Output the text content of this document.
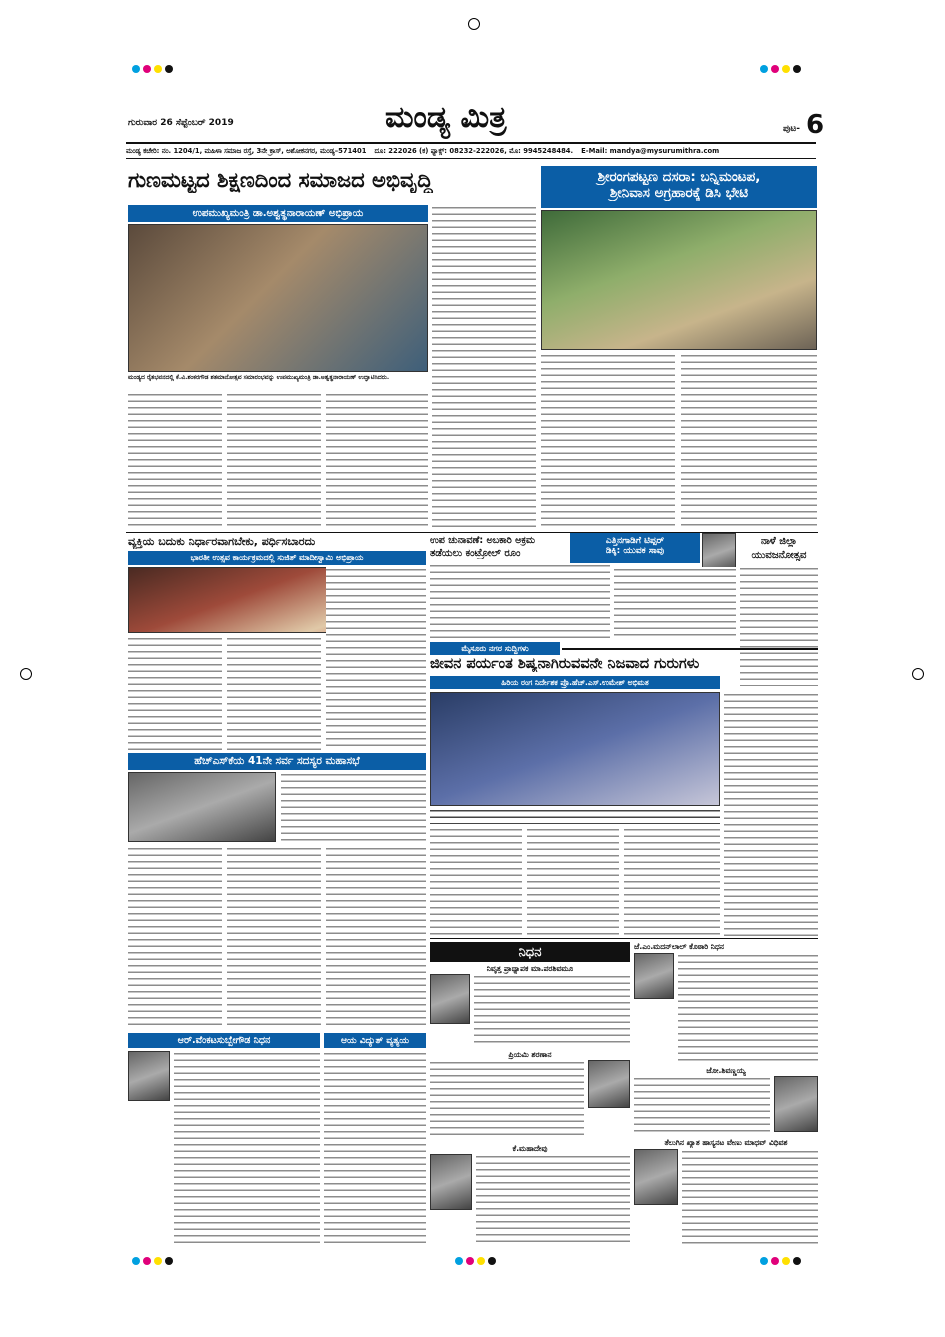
ಗುರುವಾರ 26 ಸೆಪ್ಟೆಂಬರ್ 2019	ಮಂಡ್ಯ ಮಿತ್ರ	ಪುಟ- 6
ಮಂಡ್ಯ ಕಚೇರಿ: ನಂ. 1204/1, ಮಹಿಳಾ ಸಮಾಜ ರಸ್ತೆ, 3ನೇ ಕ್ರಾಸ್, ಅಶೋಕನಗರ, ಮಂಡ್ಯ–571401 ದೂ: 222026 (ಕ) ಫ್ಯಾಕ್ಸ್: 08232-222026, ಮೊ: 9945248484. E-Mail: mandya@mysurumithra.com
ಗುಣಮಟ್ಟದ ಶಿಕ್ಷಣದಿಂದ ಸಮಾಜದ ಅಭಿವೃದ್ಧಿ
ಉಪಮುಖ್ಯಮಂತ್ರಿ ಡಾ.ಅಶ್ವತ್ಥನಾರಾಯಣ್ ಅಭಿಪ್ರಾಯ
ಮಂಡ್ಯದ ರೈತಭವನದಲ್ಲಿ ಕೆ.ವಿ.ಶಂಕರಗೌಡ ಶತಮಾನೋತ್ಸವ ಸಮಾರಂಭವನ್ನು ಉಪಮುಖ್ಯಮಂತ್ರಿ ಡಾ.ಅಶ್ವತ್ಥನಾರಾಯಣ್ ಉದ್ಘಾಟಿಸಿದರು.
ಶ್ರೀರಂಗಪಟ್ಟಣ ದಸರಾ: ಬನ್ನಿಮಂಟಪ,
ಶ್ರೀನಿವಾಸ ಅಗ್ರಹಾರಕ್ಕೆ ಡಿಸಿ ಭೇಟಿ
ವ್ಯಕ್ತಿಯ ಬದುಕು ನಿರ್ಧಾರವಾಗಬೇಕು, ಪರ್ಧಿಸಬಾರದು
ಭಾರತೀ ಉತ್ಸವ ಕಾರ್ಯಕ್ರಮದಲ್ಲಿ ಸುಜಿತ್ ಮಾದೀಸ್ವಾಮಿ ಅಭಿಪ್ರಾಯ
ಉಪ ಚುನಾವಣೆ: ಅಬಕಾರಿ ಅಕ್ರಮ
ತಡೆಯಲು ಕಂಟ್ರೋಲ್ ರೂಂ
ಎತ್ತಿನಗಾಡಿಗೆ ಟಿಪ್ಪರ್
ಡಿಕ್ಕಿ: ಯುವಕ ಸಾವು
ನಾಳೆ ಜಿಲ್ಲಾ
ಯುವಜನೋತ್ಸವ
ಮೈಸೂರು ನಗರ ಸುದ್ದಿಗಳು
ಜೀವನ ಪರ್ಯಂತ ಶಿಷ್ಯನಾಗಿರುವವನೇ ನಿಜವಾದ ಗುರುಗಳು
ಹಿರಿಯ ರಂಗ ನಿರ್ದೇಶಕ ಪ್ರೊ.ಹೆಚ್.ಎಸ್.ಉಮೇಶ್ ಅಭಿಮತ
ಹೆಚ್‌ಎಸ್‌ಕೆಯ 41ನೇ ಸರ್ವ ಸದಸ್ಯರ ಮಹಾಸಭೆ
ನಿಧನ
ನಿವೃತ್ತ ಪ್ರಾಥ್ಯಾಪಕ ಮಾ.ಪರಶಿವಮೂ
ಪ್ರಿಯಮಿ ಶರಣಾನ
ಕೆ.ಮಹಾದೇವು
ಜೆ.ಎಂ.ಮದನ್‌ಲಾಲ್ ಕೊಠಾರಿ ನಿಧನ
ಜೋ.ಶಿವಣ್ಣಯ್ಯ
ತೆಲುಗಿನ ಖ್ಯಾತ ಹಾಸ್ಯನಟ ವೇಣು ಮಾಧವ್ ವಿಧಿವಶ
ಆರ್.ವೆಂಕಟಸುಬ್ಬೇಗೌಡ ನಿಧನ	ಆಯ ವಿದ್ಯುತ್ ವ್ಯತ್ಯಯ
